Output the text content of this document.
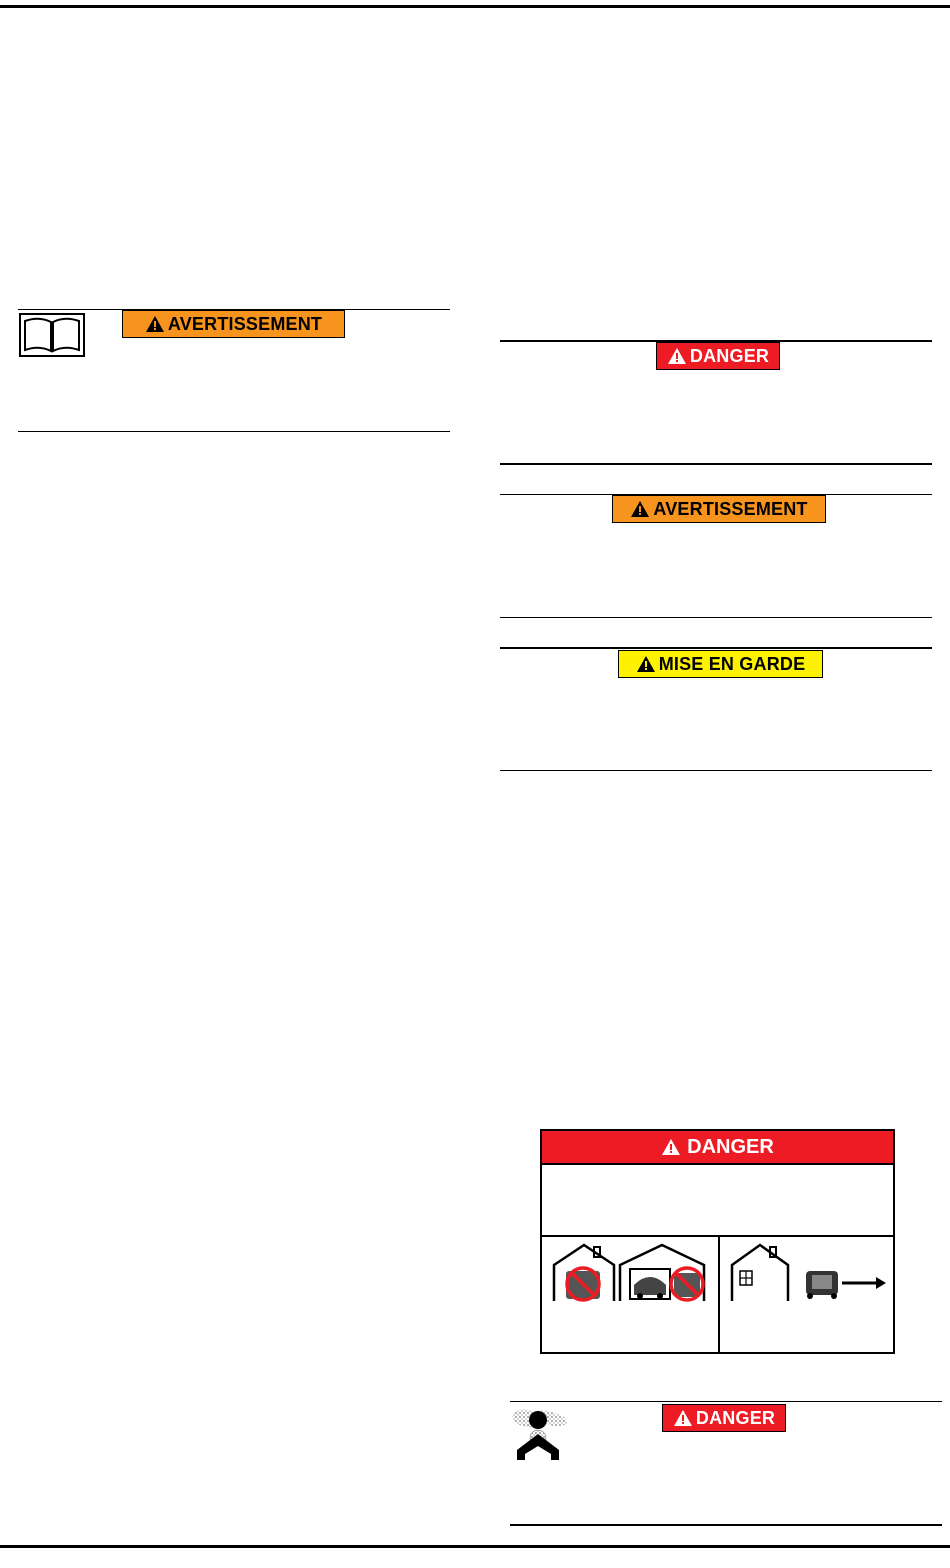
AVERTISSEMENT
DANGER
AVERTISSEMENT
MISE EN GARDE
DANGER
DANGER
